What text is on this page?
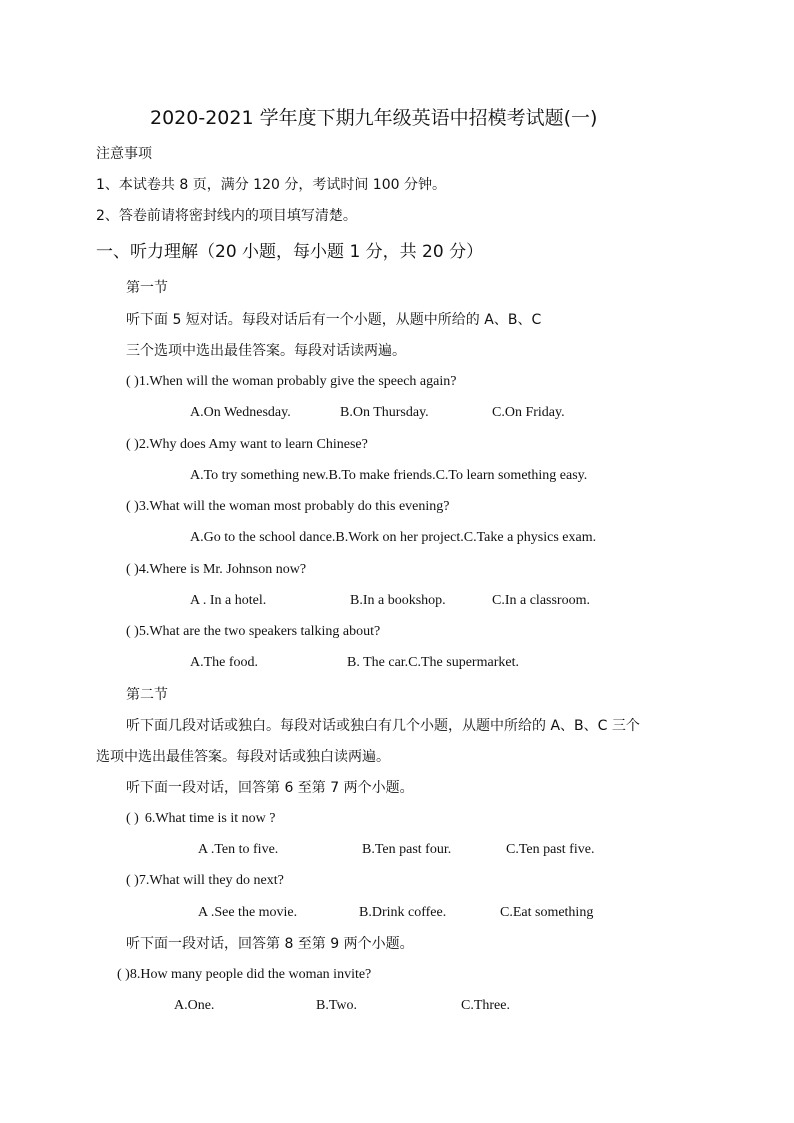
2020-2021 学年度下期九年级英语中招模考试题(一)
注意事项
1、本试卷共 8 页，满分 120 分，考试时间 100 分钟。
2、答卷前请将密封线内的项目填写清楚。
一、听力理解（20 小题，每小题 1 分，共 20 分）
第一节
听下面 5 短对话。每段对话后有一个小题，从题中所给的 A、B、C
三个选项中选出最佳答案。每段对话读两遍。
( )1.When will the woman probably give the speech again?
A.On Wednesday.	B.On Thursday.	C.On Friday.
( )2.Why does Amy want to learn Chinese?
A.To try something new.B.To make friends.C.To learn something easy.
( )3.What will the woman most probably do this evening?
A.Go to the school dance.B.Work on her project.C.Take a physics exam.
( )4.Where is Mr. Johnson now?
A . In a hotel.	B.In a bookshop.	C.In a classroom.
( )5.What are the two speakers talking about?
A.The food.	B. The car.C.The supermarket.
第二节
听下面几段对话或独白。每段对话或独白有几个小题，从题中所给的 A、B、C 三个
选项中选出最佳答案。每段对话或独白读两遍。
听下面一段对话，回答第 6 至第 7 两个小题。
( ) 6.What time is it now ?
A .Ten to five.	B.Ten past four.	C.Ten past five.
( )7.What will they do next?
A .See the movie.	B.Drink coffee.	C.Eat something
听下面一段对话，回答第 8 至第 9 两个小题。
( )8.How many people did the woman invite?
A.One.	B.Two.	C.Three.
